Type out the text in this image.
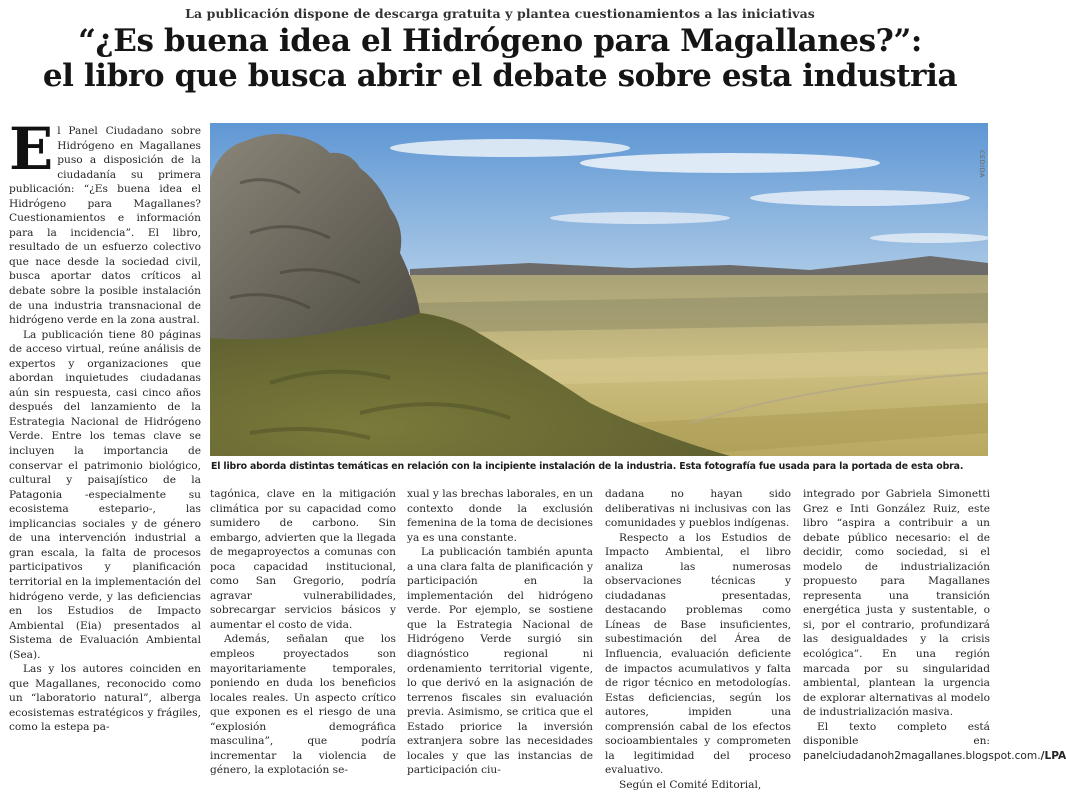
La publicación dispone de descarga gratuita y plantea cuestionamientos a las iniciativas
“¿Es buena idea el Hidrógeno para Magallanes?”:
el libro que busca abrir el debate sobre esta industria

El Panel Ciudadano sobre Hidrógeno en Magallanes puso a disposición de la ciudadanía su primera publicación: “¿Es buena idea el Hidrógeno para Magallanes? Cuestionamientos e información para la incidencia”. El libro, resultado de un esfuerzo colectivo que nace desde la sociedad civil, busca aportar datos críticos al debate sobre la posible instalación de una industria transnacional de hidrógeno verde en la zona austral.

La publicación tiene 80 páginas de acceso virtual, reúne análisis de expertos y organizaciones que abordan inquietudes ciudadanas aún sin respuesta, casi cinco años después del lanzamiento de la Estrategia Nacional de Hidrógeno Verde. Entre los temas clave se incluyen la importancia de conservar el patrimonio biológico, cultural y paisajístico de la Patagonia -especialmente su ecosistema estepario-, las implicancias sociales y de género de una intervención industrial a gran escala, la falta de procesos participativos y planificación territorial en la implementación del hidrógeno verde, y las deficiencias en los Estudios de Impacto Ambiental (Eia) presentados al Sistema de Evaluación Ambiental (Sea).

Las y los autores coinciden en que Magallanes, reconocido como un “laboratorio natural”, alberga ecosistemas estratégicos y frágiles, como la estepa pa-

CEDIDA
El libro aborda distintas temáticas en relación con la incipiente instalación de la industria. Esta fotografía fue usada para la portada de esta obra.

tagónica, clave en la mitigación climática por su capacidad como sumidero de carbono. Sin embargo, advierten que la llegada de megaproyectos a comunas con poca capacidad institucional, como San Gregorio, podría agravar vulnerabilidades, sobrecargar servicios básicos y aumentar el costo de vida.

Además, señalan que los empleos proyectados son mayoritariamente temporales, poniendo en duda los beneficios locales reales. Un aspecto crítico que exponen es el riesgo de una “explosión demográfica masculina”, que podría incrementar la violencia de género, la explotación se-

xual y las brechas laborales, en un contexto donde la exclusión femenina de la toma de decisiones ya es una constante.

La publicación también apunta a una clara falta de planificación y participación en la implementación del hidrógeno verde. Por ejemplo, se sostiene que la Estrategia Nacional de Hidrógeno Verde surgió sin diagnóstico regional ni ordenamiento territorial vigente, lo que derivó en la asignación de terrenos fiscales sin evaluación previa. Asimismo, se critica que el Estado priorice la inversión extranjera sobre las necesidades locales y que las instancias de participación ciu-

dadana no hayan sido deliberativas ni inclusivas con las comunidades y pueblos indígenas.

Respecto a los Estudios de Impacto Ambiental, el libro analiza las numerosas observaciones técnicas y ciudadanas presentadas, destacando problemas como Líneas de Base insuficientes, subestimación del Área de Influencia, evaluación deficiente de impactos acumulativos y falta de rigor técnico en metodologías. Estas deficiencias, según los autores, impiden una comprensión cabal de los efectos socioambientales y comprometen la legitimidad del proceso evaluativo.

Según el Comité Editorial,

integrado por Gabriela Simonetti Grez e Inti González Ruiz, este libro “aspira a contribuir a un debate público necesario: el de decidir, como sociedad, si el modelo de industrialización propuesto para Magallanes representa una transición energética justa y sustentable, o si, por el contrario, profundizará las desigualdades y la crisis ecológica”. En una región marcada por su singularidad ambiental, plantean la urgencia de explorar alternativas al modelo de industrialización masiva.

El texto completo está disponible en: panelciudadanoh2magallanes.blogspot.com./LPA
